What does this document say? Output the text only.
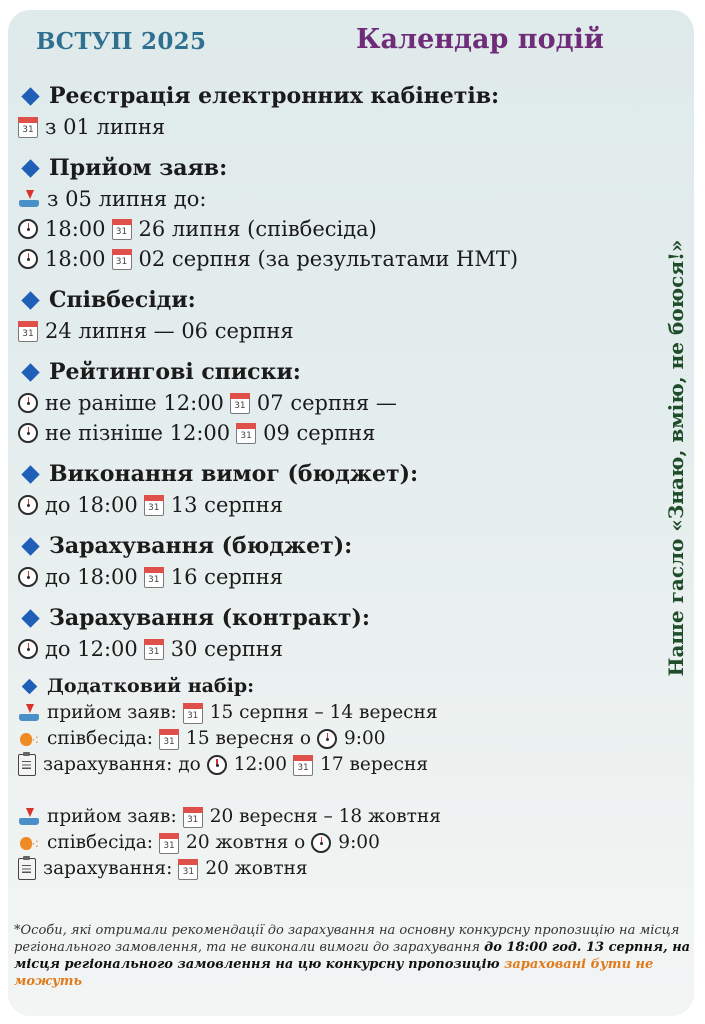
ВСТУП 2025	Календар подій
Наше гасло «Знаю, вмію, не боюся!»
Реєстрація електронних кабінетів:
31
з 01 липня
Прийом заяв:
з 05 липня до:
18:00 31 26 липня (співбесіда)
18:00 31 02 серпня (за результатами НМТ)
Співбесіди:
31
24 липня — 06 серпня
Рейтингові списки:
не раніше 12:00 31 07 серпня —
не пізніше 12:00 31 09 серпня
Виконання вимог (бюджет):
до 18:00 31 13 серпня
Зарахування (бюджет):
до 18:00 31 16 серпня
Зарахування (контракт):
до 12:00 31 30 серпня
Додатковий набір:
прийом заяв: 31 15 серпня – 14 вересня
⁖
співбесіда: 31 15 вересня о 9:00
зарахування: до 12:00 31 17 вересня
прийом заяв: 31 20 вересня – 18 жовтня
⁖
співбесіда: 31 20 жовтня о 9:00
зарахування: 31 20 жовтня
*Особи, які отримали рекомендації до зарахування на основну конкурсну пропозицію на місця регіонального замовлення, та не виконали вимоги до зарахування до 18:00 год. 13 серпня, на місця регіонального замовлення на цю конкурсну пропозицію зараховані бути не можуть
